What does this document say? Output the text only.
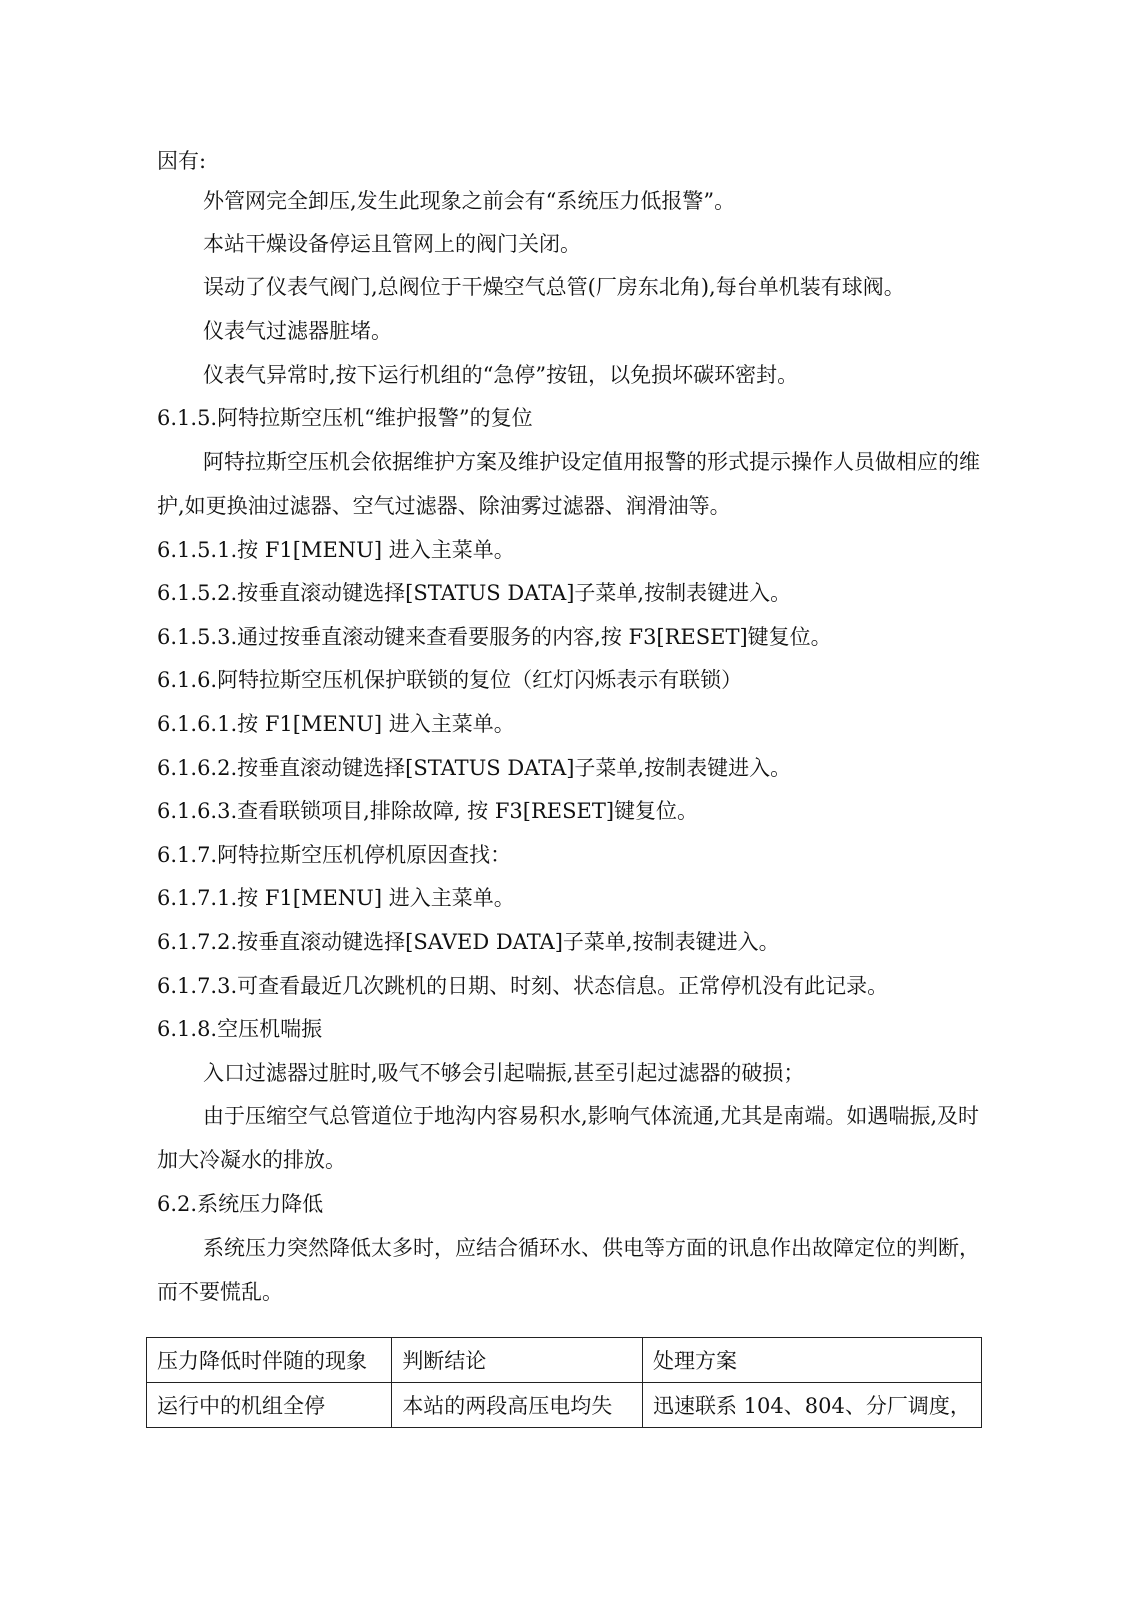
因有:
外管网完全卸压,发生此现象之前会有“系统压力低报警”。
本站干燥设备停运且管网上的阀门关闭。
误动了仪表气阀门,总阀位于干燥空气总管(厂房东北角),每台单机装有球阀。
仪表气过滤器脏堵。
仪表气异常时,按下运行机组的“急停”按钮，以免损坏碳环密封。
6.1.5.阿特拉斯空压机“维护报警”的复位
阿特拉斯空压机会依据维护方案及维护设定值用报警的形式提示操作人员做相应的维护,如更换油过滤器、空气过滤器、除油雾过滤器、润滑油等。
6.1.5.1.按 F1[MENU] 进入主菜单。
6.1.5.2.按垂直滚动键选择[STATUS DATA]子菜单,按制表键进入。
6.1.5.3.通过按垂直滚动键来查看要服务的内容,按 F3[RESET]键复位。
6.1.6.阿特拉斯空压机保护联锁的复位（红灯闪烁表示有联锁）
6.1.6.1.按 F1[MENU] 进入主菜单。
6.1.6.2.按垂直滚动键选择[STATUS DATA]子菜单,按制表键进入。
6.1.6.3.查看联锁项目,排除故障, 按 F3[RESET]键复位。
6.1.7.阿特拉斯空压机停机原因查找：
6.1.7.1.按 F1[MENU] 进入主菜单。
6.1.7.2.按垂直滚动键选择[SAVED DATA]子菜单,按制表键进入。
6.1.7.3.可查看最近几次跳机的日期、时刻、状态信息。正常停机没有此记录。
6.1.8.空压机喘振
入口过滤器过脏时,吸气不够会引起喘振,甚至引起过滤器的破损；
由于压缩空气总管道位于地沟内容易积水,影响气体流通,尤其是南端。如遇喘振,及时加大冷凝水的排放。
6.2.系统压力降低
系统压力突然降低太多时，应结合循环水、供电等方面的讯息作出故障定位的判断，而不要慌乱。
压力降低时伴随的现象	判断结论	处理方案
运行中的机组全停	本站的两段高压电均失	迅速联系 104、804、分厂调度，
